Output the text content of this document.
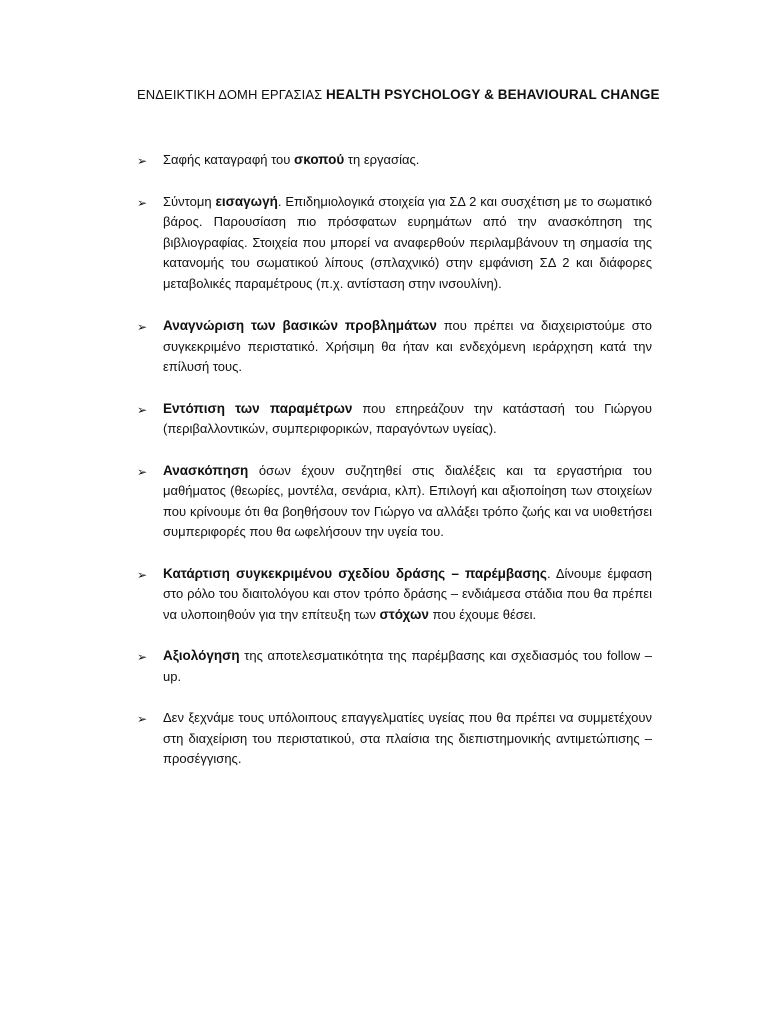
ΕΝΔΕΙΚΤΙΚΗ ΔΟΜΗ ΕΡΓΑΣΙΑΣ HEALTH PSYCHOLOGY & BEHAVIOURAL CHANGE
➢ Σαφής καταγραφή του σκοπού τη εργασίας.
➢ Σύντομη εισαγωγή. Επιδημιολογικά στοιχεία για ΣΔ 2 και συσχέτιση με το σωματικό βάρος. Παρουσίαση πιο πρόσφατων ευρημάτων από την ανασκόπηση της βιβλιογραφίας. Στοιχεία που μπορεί να αναφερθούν περιλαμβάνουν τη σημασία της κατανομής του σωματικού λίπους (σπλαχνικό) στην εμφάνιση ΣΔ 2 και διάφορες μεταβολικές παραμέτρους (π.χ. αντίσταση στην ινσουλίνη).
➢ Αναγνώριση των βασικών προβλημάτων που πρέπει να διαχειριστούμε στο συγκεκριμένο περιστατικό. Χρήσιμη θα ήταν και ενδεχόμενη ιεράρχηση κατά την επίλυσή τους.
➢ Εντόπιση των παραμέτρων που επηρεάζουν την κατάστασή του Γιώργου (περιβαλλοντικών, συμπεριφορικών, παραγόντων υγείας).
➢ Ανασκόπηση όσων έχουν συζητηθεί στις διαλέξεις και τα εργαστήρια του μαθήματος (θεωρίες, μοντέλα, σενάρια, κλπ). Επιλογή και αξιοποίηση των στοιχείων που κρίνουμε ότι θα βοηθήσουν τον Γιώργο να αλλάξει τρόπο ζωής και να υιοθετήσει συμπεριφορές που θα ωφελήσουν την υγεία του.
➢ Κατάρτιση συγκεκριμένου σχεδίου δράσης – παρέμβασης. Δίνουμε έμφαση στο ρόλο του διαιτολόγου και στον τρόπο δράσης – ενδιάμεσα στάδια που θα πρέπει να υλοποιηθούν για την επίτευξη των στόχων που έχουμε θέσει.
➢ Αξιολόγηση της αποτελεσματικότητα της παρέμβασης και σχεδιασμός του follow – up.
➢ Δεν ξεχνάμε τους υπόλοιπους επαγγελματίες υγείας που θα πρέπει να συμμετέχουν στη διαχείριση του περιστατικού, στα πλαίσια της διεπιστημονικής αντιμετώπισης – προσέγγισης.
